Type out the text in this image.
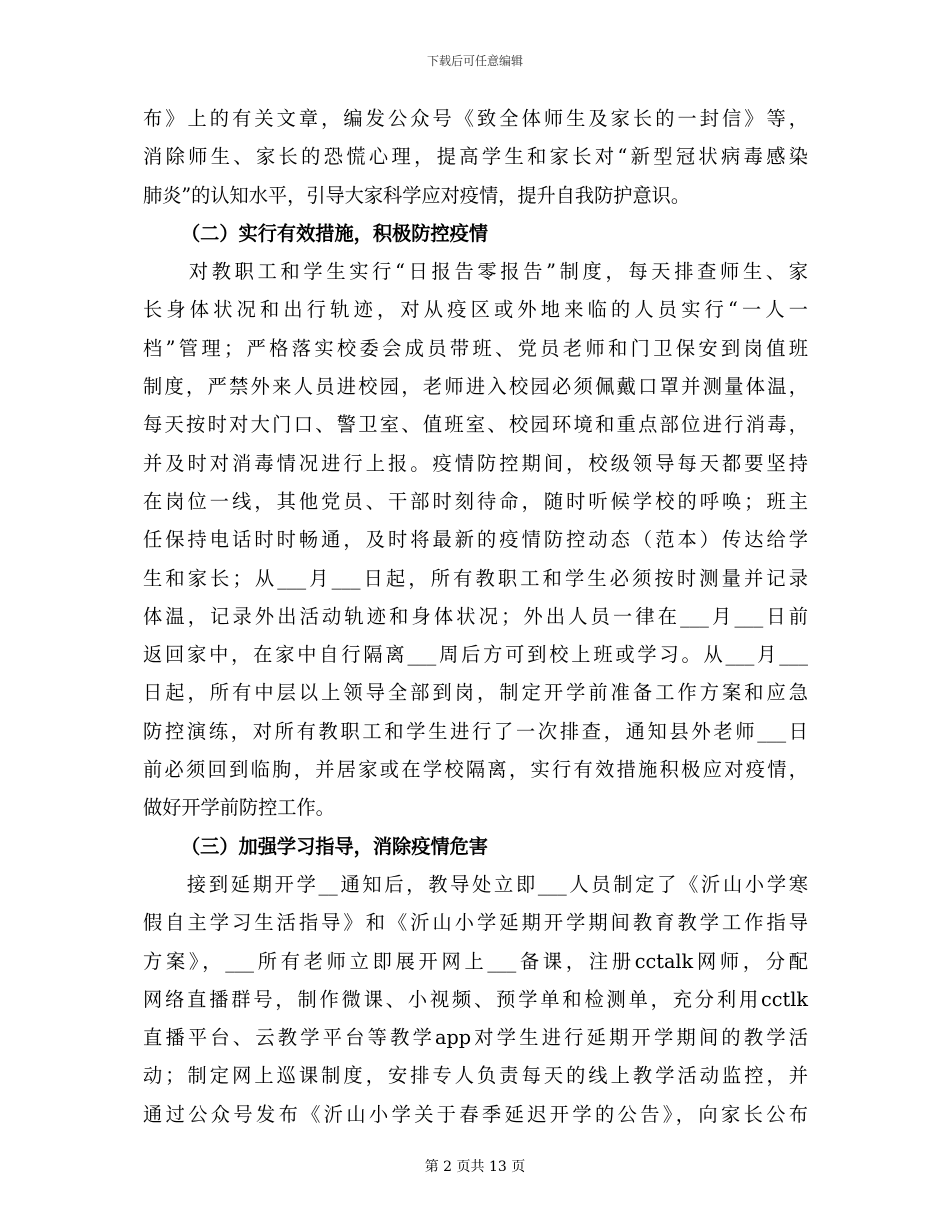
下载后可任意编辑
布》上的有关文章，编发公众号《致全体师生及家长的一封信》等，
消除师生、家长的恐慌心理，提高学生和家长对“新型冠状病毒感染
肺炎”的认知水平，引导大家科学应对疫情，提升自我防护意识。
（二）实行有效措施，积极防控疫情
　　对教职工和学生实行“日报告零报告”制度，每天排查师生、家
长身体状况和出行轨迹，对从疫区或外地来临的人员实行“一人一
档”管理；严格落实校委会成员带班、党员老师和门卫保安到岗值班
制度，严禁外来人员进校园，老师进入校园必须佩戴口罩并测量体温，
每天按时对大门口、警卫室、值班室、校园环境和重点部位进行消毒，
并及时对消毒情况进行上报。疫情防控期间，校级领导每天都要坚持
在岗位一线，其他党员、干部时刻待命，随时听候学校的呼唤；班主
任保持电话时时畅通，及时将最新的疫情防控动态（范本）传达给学
生和家长；从___月___日起，所有教职工和学生必须按时测量并记录
体温，记录外出活动轨迹和身体状况；外出人员一律在___月___日前
返回家中，在家中自行隔离___周后方可到校上班或学习。从___月___
日起，所有中层以上领导全部到岗，制定开学前准备工作方案和应急
防控演练，对所有教职工和学生进行了一次排查，通知县外老师___日
前必须回到临朐，并居家或在学校隔离，实行有效措施积极应对疫情，
做好开学前防控工作。
（三）加强学习指导，消除疫情危害
　　接到延期开学__通知后，教导处立即___人员制定了《沂山小学寒
假自主学习生活指导》和《沂山小学延期开学期间教育教学工作指导
方案》，___所有老师立即展开网上___备课，注册cctalk网师，分配
网络直播群号，制作微课、小视频、预学单和检测单，充分利用cctlk
直播平台、云教学平台等教学app对学生进行延期开学期间的教学活
动；制定网上巡课制度，安排专人负责每天的线上教学活动监控，并
通过公众号发布《沂山小学关于春季延迟开学的公告》，向家长公布
第 2 页共 13 页
